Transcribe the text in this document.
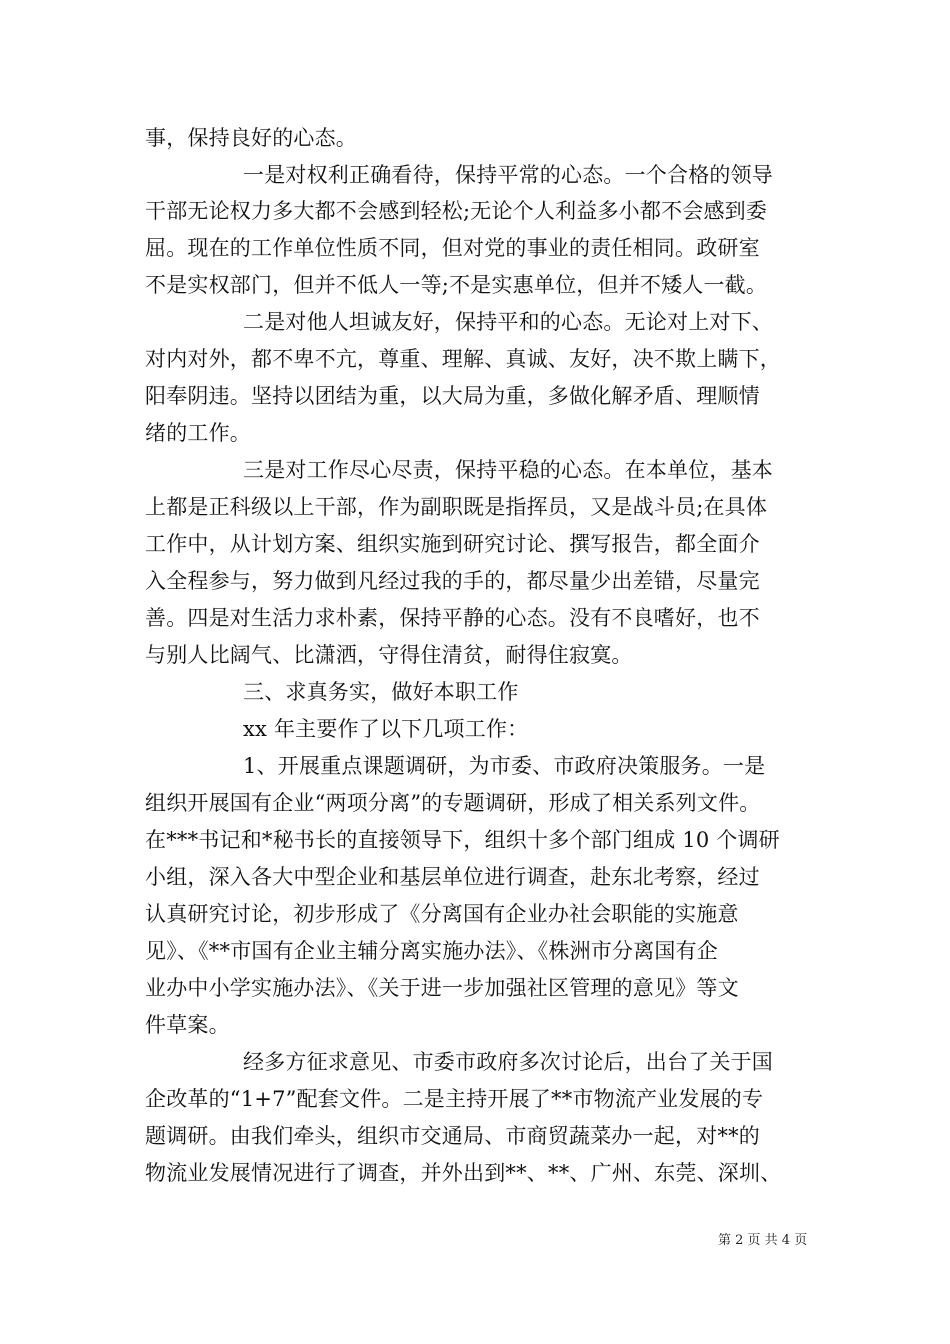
事，保持良好的心态。
一是对权利正确看待，保持平常的心态。一个合格的领导
干部无论权力多大都不会感到轻松;无论个人利益多小都不会感到委
屈。现在的工作单位性质不同，但对党的事业的责任相同。政研室
不是实权部门，但并不低人一等;不是实惠单位，但并不矮人一截。
二是对他人坦诚友好，保持平和的心态。无论对上对下、
对内对外，都不卑不亢，尊重、理解、真诚、友好，决不欺上瞒下，
阳奉阴违。坚持以团结为重，以大局为重，多做化解矛盾、理顺情
绪的工作。
三是对工作尽心尽责，保持平稳的心态。在本单位，基本
上都是正科级以上干部，作为副职既是指挥员，又是战斗员;在具体
工作中，从计划方案、组织实施到研究讨论、撰写报告，都全面介
入全程参与，努力做到凡经过我的手的，都尽量少出差错，尽量完
善。四是对生活力求朴素，保持平静的心态。没有不良嗜好，也不
与别人比阔气、比潇洒，守得住清贫，耐得住寂寞。
三、求真务实，做好本职工作
xx 年主要作了以下几项工作：
1、开展重点课题调研，为市委、市政府决策服务。一是
组织开展国有企业“两项分离”的专题调研，形成了相关系列文件。
在***书记和*秘书长的直接领导下，组织十多个部门组成 10 个调研
小组，深入各大中型企业和基层单位进行调查，赴东北考察，经过
认真研究讨论，初步形成了《分离国有企业办社会职能的实施意
见》、《**市国有企业主辅分离实施办法》、《株洲市分离国有企
业办中小学实施办法》、《关于进一步加强社区管理的意见》等文
件草案。
经多方征求意见、市委市政府多次讨论后，出台了关于国
企改革的“1+7”配套文件。二是主持开展了**市物流产业发展的专
题调研。由我们牵头，组织市交通局、市商贸蔬菜办一起，对**的
物流业发展情况进行了调查，并外出到**、**、广州、东莞、深圳、
第 2 页 共 4 页
